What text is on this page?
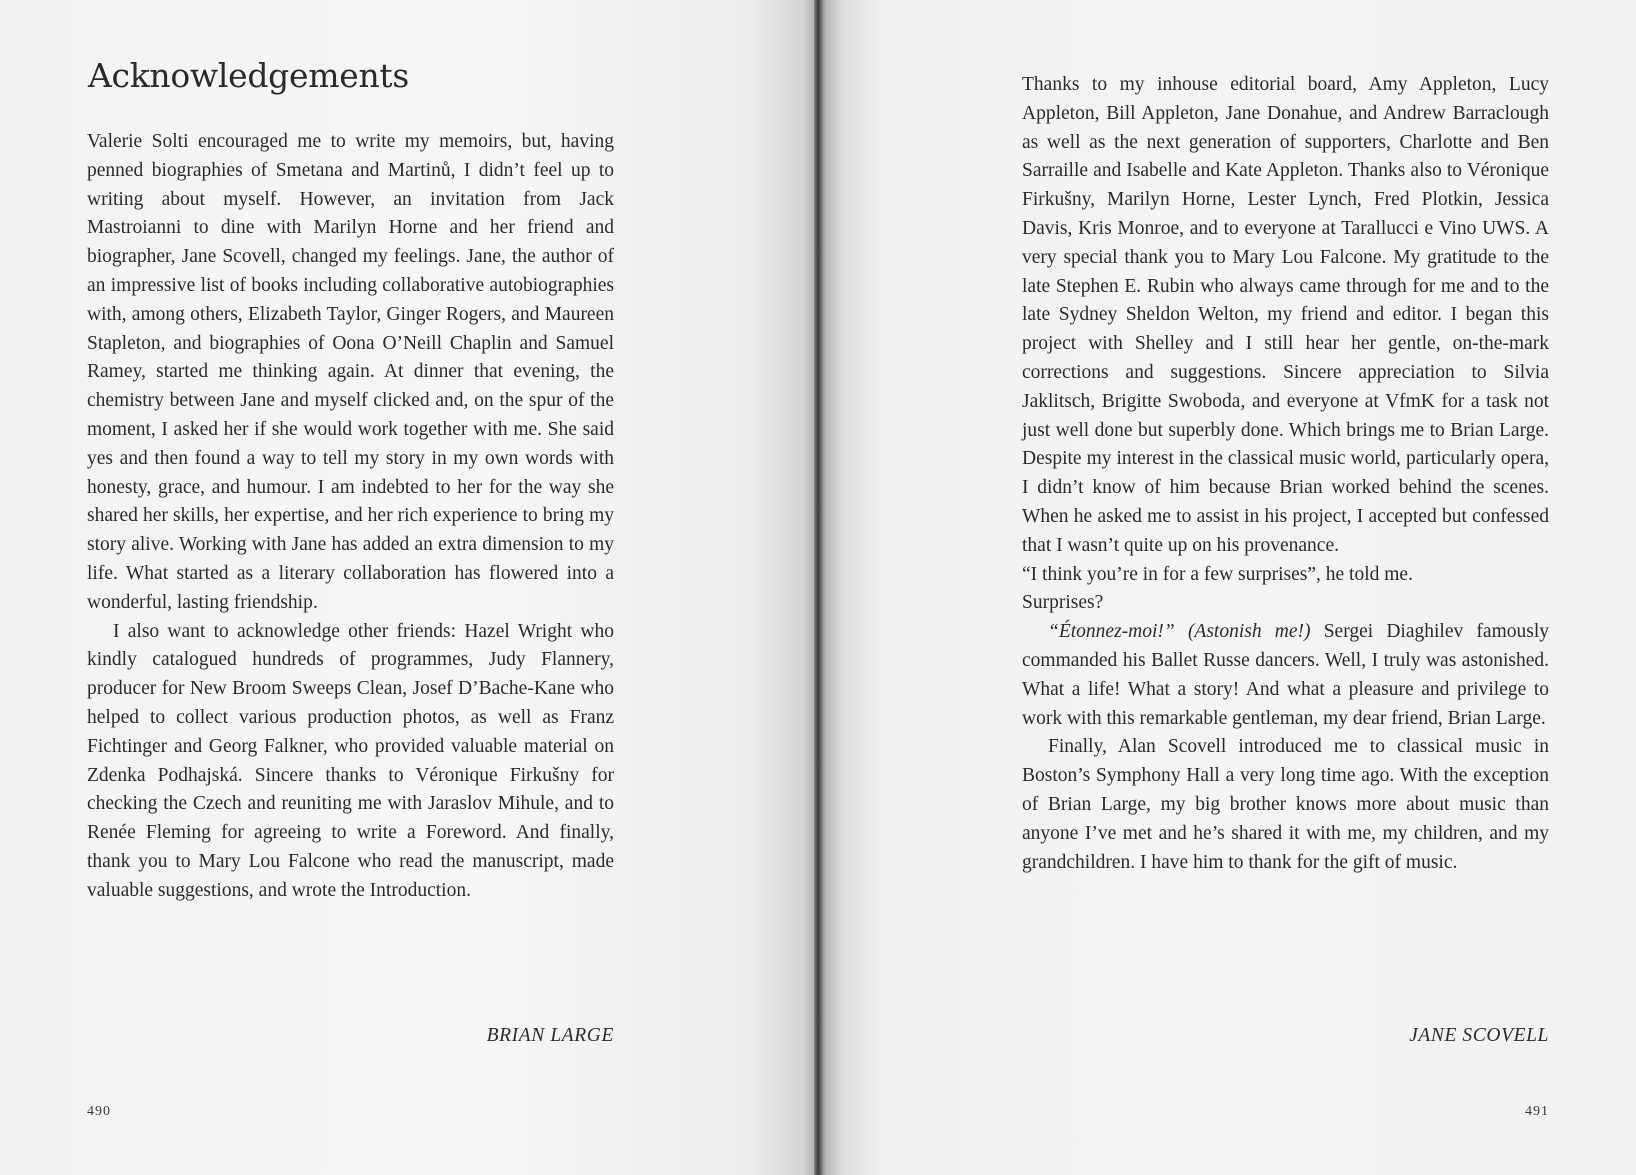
Acknowledgements

Valerie Solti encouraged me to write my memoirs, but, having penned biographies of Smetana and Martinů, I didn’t feel up to writing about myself. However, an invitation from Jack Mastroianni to dine with Marilyn Horne and her friend and biographer, Jane Scovell, changed my feelings. Jane, the author of an impressive list of books including collaborative autobiographies with, among others, Elizabeth Taylor, Ginger Rogers, and Maureen Stapleton, and biographies of Oona O’Neill Chaplin and Samuel Ramey, started me thinking again. At dinner that evening, the chemistry between Jane and myself clicked and, on the spur of the moment, I asked her if she would work together with me. She said yes and then found a way to tell my story in my own words with honesty, grace, and humour. I am indebted to her for the way she shared her skills, her expertise, and her rich experience to bring my story alive. Working with Jane has added an extra dimension to my life. What started as a literary collaboration has flowered into a wonderful, lasting friendship.

I also want to acknowledge other friends: Hazel Wright who kindly catalogued hundreds of programmes, Judy Flannery, producer for New Broom Sweeps Clean, Josef D’Bache-Kane who helped to collect various production photos, as well as Franz Fichtinger and Georg Falkner, who provided valuable material on Zdenka Podhajská. Sincere thanks to Véronique Firkušny for checking the Czech and reuniting me with Jaraslov Mihule, and to Renée Fleming for agreeing to write a Foreword. And finally, thank you to Mary Lou Falcone who read the manuscript, made valuable suggestions, and wrote the Introduction.

BRIAN LARGE
490

Thanks to my inhouse editorial board, Amy Appleton, Lucy Appleton, Bill Appleton, Jane Donahue, and Andrew Barraclough as well as the next generation of supporters, Charlotte and Ben Sarraille and Isabelle and Kate Appleton. Thanks also to Véronique Firkušny, Marilyn Horne, Lester Lynch, Fred Plotkin, Jessica Davis, Kris Monroe, and to everyone at Tarallucci e Vino UWS. A very special thank you to Mary Lou Falcone. My gratitude to the late Stephen E. Rubin who always came through for me and to the late Sydney Sheldon Welton, my friend and editor. I began this project with Shelley and I still hear her gentle, on-the-mark corrections and suggestions. Sincere appreciation to Silvia Jaklitsch, Brigitte Swoboda, and everyone at VfmK for a task not just well done but superbly done. Which brings me to Brian Large. Despite my interest in the classical music world, particularly opera, I didn’t know of him because Brian worked behind the scenes. When he asked me to assist in his project, I accepted but confessed that I wasn’t quite up on his provenance.

“I think you’re in for a few surprises”, he told me.

Surprises?

“Étonnez-moi!” (Astonish me!) Sergei Diaghilev famously commanded his Ballet Russe dancers. Well, I truly was astonished. What a life! What a story! And what a pleasure and privilege to work with this remarkable gentleman, my dear friend, Brian Large.

Finally, Alan Scovell introduced me to classical music in Boston’s Symphony Hall a very long time ago. With the exception of Brian Large, my big brother knows more about music than anyone I’ve met and he’s shared it with me, my children, and my grandchildren. I have him to thank for the gift of music.

JANE SCOVELL
491
